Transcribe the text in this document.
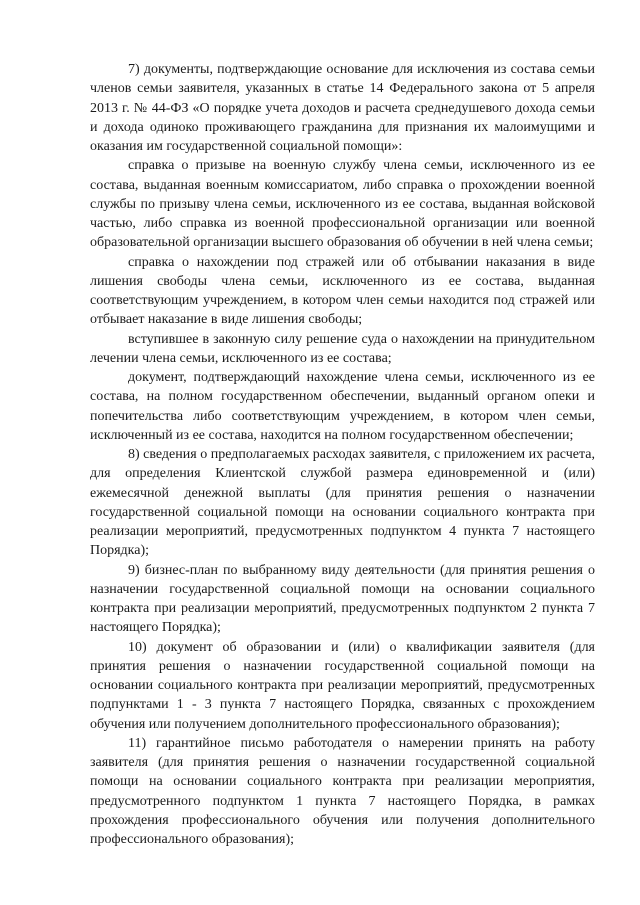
7) документы, подтверждающие основание для исключения из состава семьи членов семьи заявителя, указанных в статье 14 Федерального закона от 5 апреля 2013 г. № 44-ФЗ «О порядке учета доходов и расчета среднедушевого дохода семьи и дохода одиноко проживающего гражданина для признания их малоимущими и оказания им государственной социальной помощи»:

справка о призыве на военную службу члена семьи, исключенного из ее состава, выданная военным комиссариатом, либо справка о прохождении военной службы по призыву члена семьи, исключенного из ее состава, выданная войсковой частью, либо справка из военной профессиональной организации или военной образовательной организации высшего образования об обучении в ней члена семьи;

справка о нахождении под стражей или об отбывании наказания в виде лишения свободы члена семьи, исключенного из ее состава, выданная соответствующим учреждением, в котором член семьи находится под стражей или отбывает наказание в виде лишения свободы;

вступившее в законную силу решение суда о нахождении на принудительном лечении члена семьи, исключенного из ее состава;

документ, подтверждающий нахождение члена семьи, исключенного из ее состава, на полном государственном обеспечении, выданный органом опеки и попечительства либо соответствующим учреждением, в котором член семьи, исключенный из ее состава, находится на полном государственном обеспечении;

8) сведения о предполагаемых расходах заявителя, с приложением их расчета, для определения Клиентской службой размера единовременной и (или) ежемесячной денежной выплаты (для принятия решения о назначении государственной социальной помощи на основании социального контракта при реализации мероприятий, предусмотренных подпунктом 4 пункта 7 настоящего Порядка);

9) бизнес-план по выбранному виду деятельности (для принятия решения о назначении государственной социальной помощи на основании социального контракта при реализации мероприятий, предусмотренных подпунктом 2 пункта 7 настоящего Порядка);

10) документ об образовании и (или) о квалификации заявителя (для принятия решения о назначении государственной социальной помощи на основании социального контракта при реализации мероприятий, предусмотренных подпунктами 1 - 3 пункта 7 настоящего Порядка, связанных с прохождением обучения или получением дополнительного профессионального образования);

11) гарантийное письмо работодателя о намерении принять на работу заявителя (для принятия решения о назначении государственной социальной помощи на основании социального контракта при реализации мероприятия, предусмотренного подпунктом 1 пункта 7 настоящего Порядка, в рамках прохождения профессионального обучения или получения дополнительного профессионального образования);
